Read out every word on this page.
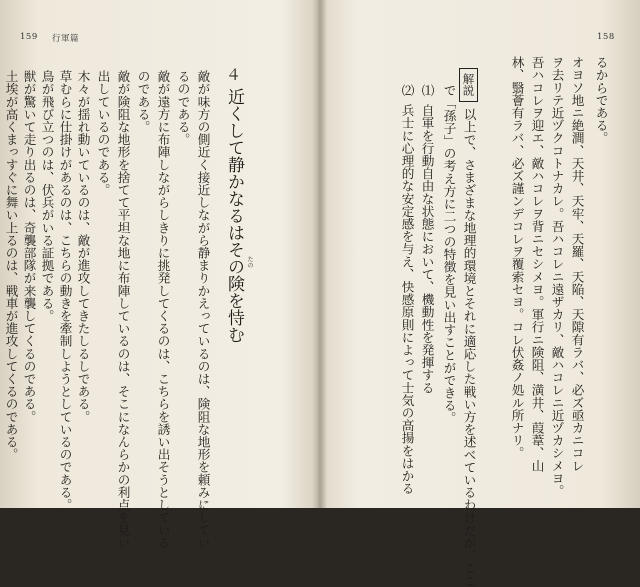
159 行軍篇
４
近くして静かなるはその険を恃む たの
敵が味方の側近く接近しながら静まりかえっているのは、険阻な地形を頼みにしてい
るのである。
敵が遠方に布陣しながらしきりに挑発してくるのは、こちらを誘い出そうとしている
のである。
敵が険阻な地形を捨てて平坦な地に布陣しているのは、そこになんらかの利点を見い
出しているのである。
木々が揺れ動いているのは、敵が進攻してきたしるしである。
草むらに仕掛けがあるのは、こちらの動きを牽制しようとしているのである。
鳥が飛び立つのは、伏兵がいる証拠である。
獣が驚いて走り出るのは、奇襲部隊が来襲してくるのである。
土埃が高くまっすぐに舞い上るのは、戦車が進攻してくるのである。
158
るからである。
オヨソ地ニ絶澗、天井、天牢、天羅、天陥、天隙有ラバ、必ズ亟カニコレ
ヲ去リテ近ヅクコトナカレ。吾ハコレニ遠ザカリ、敵ハコレニ近ヅカシメヨ。
吾ハコレヲ迎エ、敵ハコレヲ背ニセシメヨ。軍行ニ険阻、潢井、葭葦、山
林、翳薈有ラバ、必ズ謹ンデコレヲ覆索セヨ。コレ伏姦ノ処ル所ナリ。
解説
以上で、さまざまな地理的環境とそれに適応した戦い方を述べているわけだが、ここ
で「孫子」の考え方に二つの特徴を見い出すことができる。
⑴
自軍を行動自由な状態において、機動性を発揮する
⑵
兵士に心理的な安定感を与え、快感原則によって士気の高揚をはかる
